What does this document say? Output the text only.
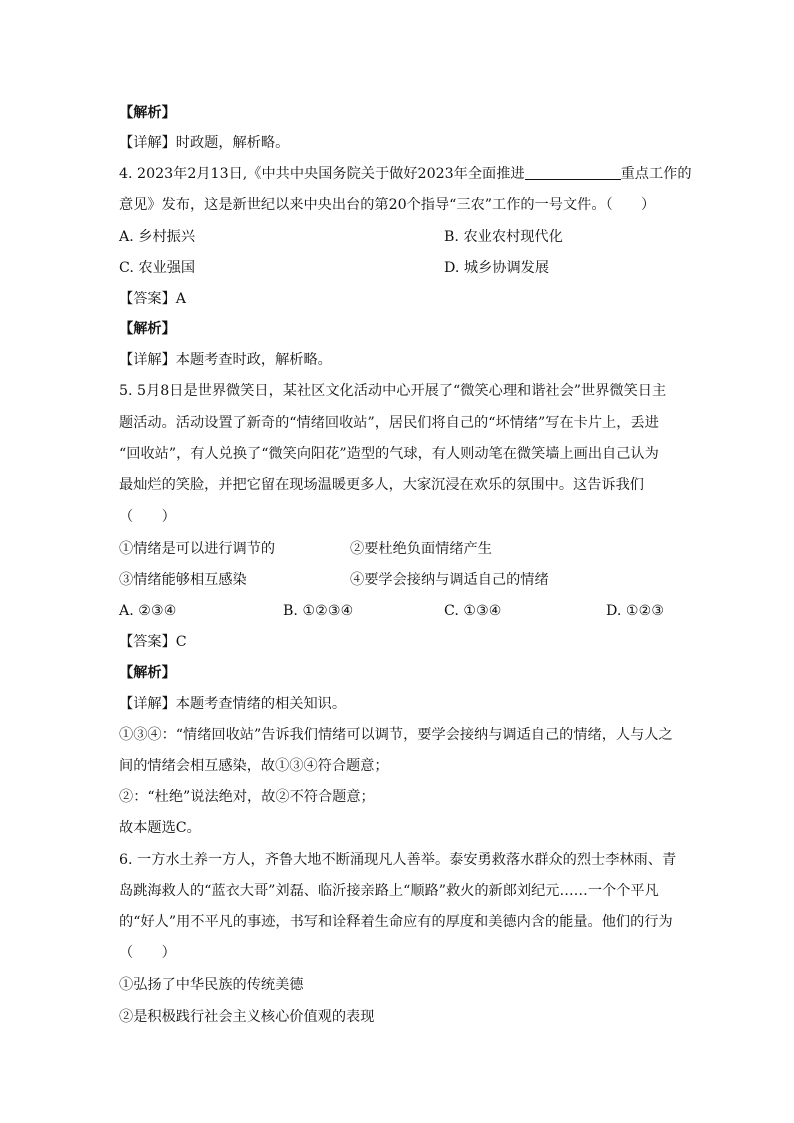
【解析】
【详解】时政题，解析略。
4. 2023年2月13日,《中共中央国务院关于做好2023年全面推进	重点工作的
意见》发布，这是新世纪以来中央出台的第20个指导“三农”工作的一号文件。（　　）
A. 乡村振兴	B. 农业农村现代化
C. 农业强国	D. 城乡协调发展
【答案】A
【解析】
【详解】本题考查时政，解析略。
5. 5月8日是世界微笑日，某社区文化活动中心开展了“微笑心理和谐社会”世界微笑日主
题活动。活动设置了新奇的“情绪回收站”，居民们将自己的“坏情绪”写在卡片上，丢进
“回收站”，有人兑换了“微笑向阳花”造型的气球，有人则动笔在微笑墙上画出自己认为
最灿烂的笑脸，并把它留在现场温暖更多人，大家沉浸在欢乐的氛围中。这告诉我们
（　　）
①情绪是可以进行调节的	②要杜绝负面情绪产生
③情绪能够相互感染	④要学会接纳与调适自己的情绪
A. ②③④	B. ①②③④	C. ①③④	D. ①②③
【答案】C
【解析】
【详解】本题考查情绪的相关知识。
①③④：“情绪回收站”告诉我们情绪可以调节，要学会接纳与调适自己的情绪，人与人之
间的情绪会相互感染，故①③④符合题意；
②：“杜绝”说法绝对，故②不符合题意；
故本题选C。
6. 一方水土养一方人，齐鲁大地不断涌现凡人善举。泰安勇救落水群众的烈士李林雨、青
岛跳海救人的“蓝衣大哥”刘磊、临沂接亲路上“顺路”救火的新郎刘纪元……一个个平凡
的“好人”用不平凡的事迹，书写和诠释着生命应有的厚度和美德内含的能量。他们的行为
（　　）
①弘扬了中华民族的传统美德
②是积极践行社会主义核心价值观的表现
